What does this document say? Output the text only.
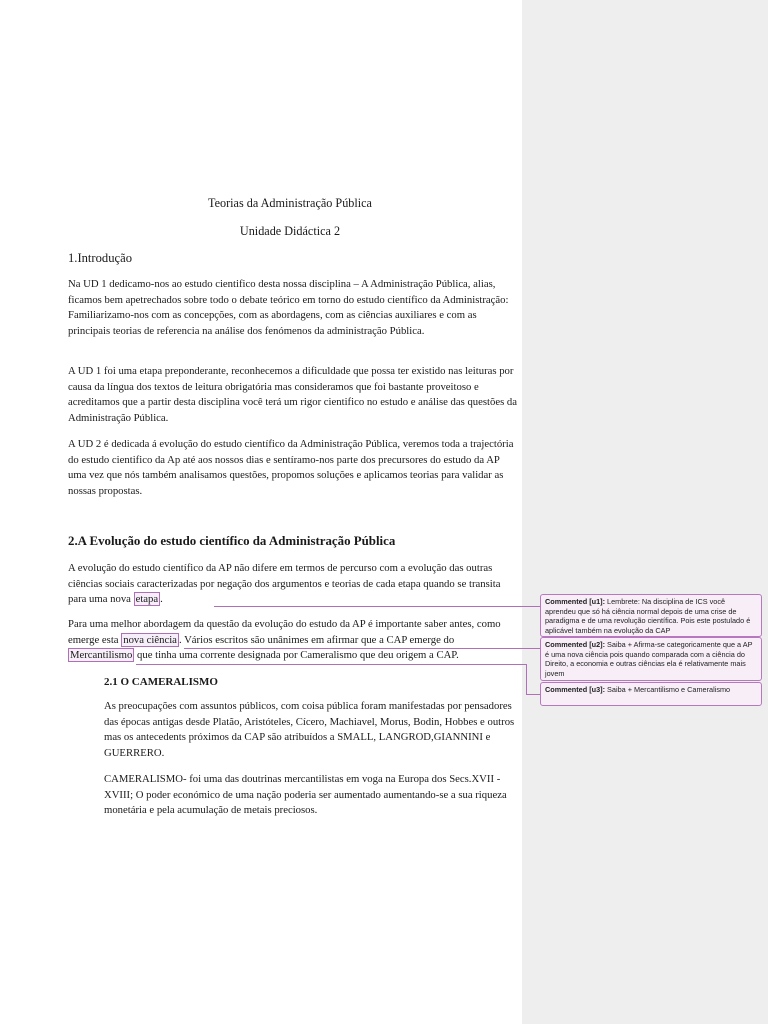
Teorias da Administração Pública
Unidade Didáctica 2
1.Introdução

Na UD 1 dedicamo-nos ao estudo cientifico desta nossa disciplina – A Administração Pública, alias, ficamos bem apetrechados sobre todo o debate teórico em torno do estudo científico da Administração: Familiarizamo-nos com as concepções, com as abordagens, com as ciências auxiliares e com as principais teorias de referencia na análise dos fenómenos da administração Pública.

A UD 1 foi uma etapa preponderante, reconhecemos a dificuldade que possa ter existido nas leituras por causa da língua dos textos de leitura obrigatória mas consideramos que foi bastante proveitoso e acreditamos que a partir desta disciplina você terá um rigor cientifico no estudo e análise das questões da Administração Pública.

A UD 2 é dedicada á evolução do estudo científico da Administração Pública, veremos toda a trajectória do estudo cientifico da Ap até aos nossos dias e sentíramo-nos parte dos precursores do estudo da AP uma vez que nós também analisamos questões, propomos soluções e aplicamos teorias para validar as nossas propostas.

2.A Evolução do estudo científico da Administração Pública

A evolução do estudo científico da AP não difere em termos de percurso com a evolução das outras ciências sociais caracterizadas por negação dos argumentos e teorias de cada etapa quando se transita para uma nova etapa .

Para uma melhor abordagem da questão da evolução do estudo da AP é importante saber antes, como emerge esta nova ciência . Vários escritos são unânimes em afirmar que a CAP emerge do Mercantilismo que tinha uma corrente designada por Cameralismo que deu origem a CAP.

2.1 O CAMERALISMO

As preocupações com assuntos públicos, com coisa pública foram manifestadas por pensadores das épocas antigas desde Platão, Aristóteles, Cícero, Machiavel, Morus, Bodin, Hobbes e outros mas os antecedents próximos da CAP são atribuídos a SMALL, LANGROD,GIANNINI e GUERRERO.

CAMERALISMO- foi uma das doutrinas mercantilistas em voga na Europa dos Secs.XVII - XVIII; O poder económico de uma nação poderia ser aumentado aumentando-se a sua riqueza monetária e pela acumulação de metais preciosos.

Commented [u1]: Lembrete: Na disciplina de ICS você aprendeu que só há ciência normal depois de uma crise de paradigma e de uma revolução científica. Pois este postulado é aplicável também na evolução da CAP
Commented [u2]: Saiba + Afirma-se categoricamente que a AP é uma nova ciência pois quando comparada com a ciência do Direito, a economia e outras ciências ela é relativamente mais jovem
Commented [u3]: Saiba + Mercantilismo e Cameralismo
